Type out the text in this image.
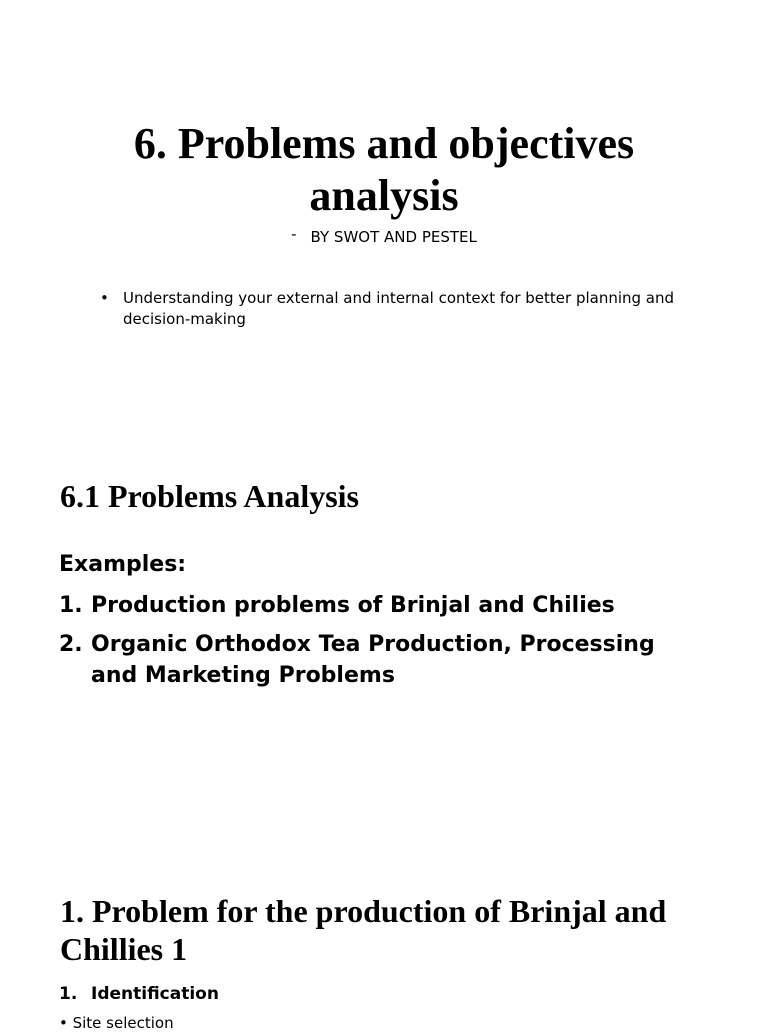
6. Problems and objectives analysis
- BY SWOT AND PESTEL
• Understanding your external and internal context for better planning and decision-making
6.1 Problems Analysis
Examples:
1. Production problems of Brinjal and Chilies
2. Organic Orthodox Tea Production, Processing and Marketing Problems
1. Problem for the production of Brinjal and Chillies 1
1. Identification
• Site selection
